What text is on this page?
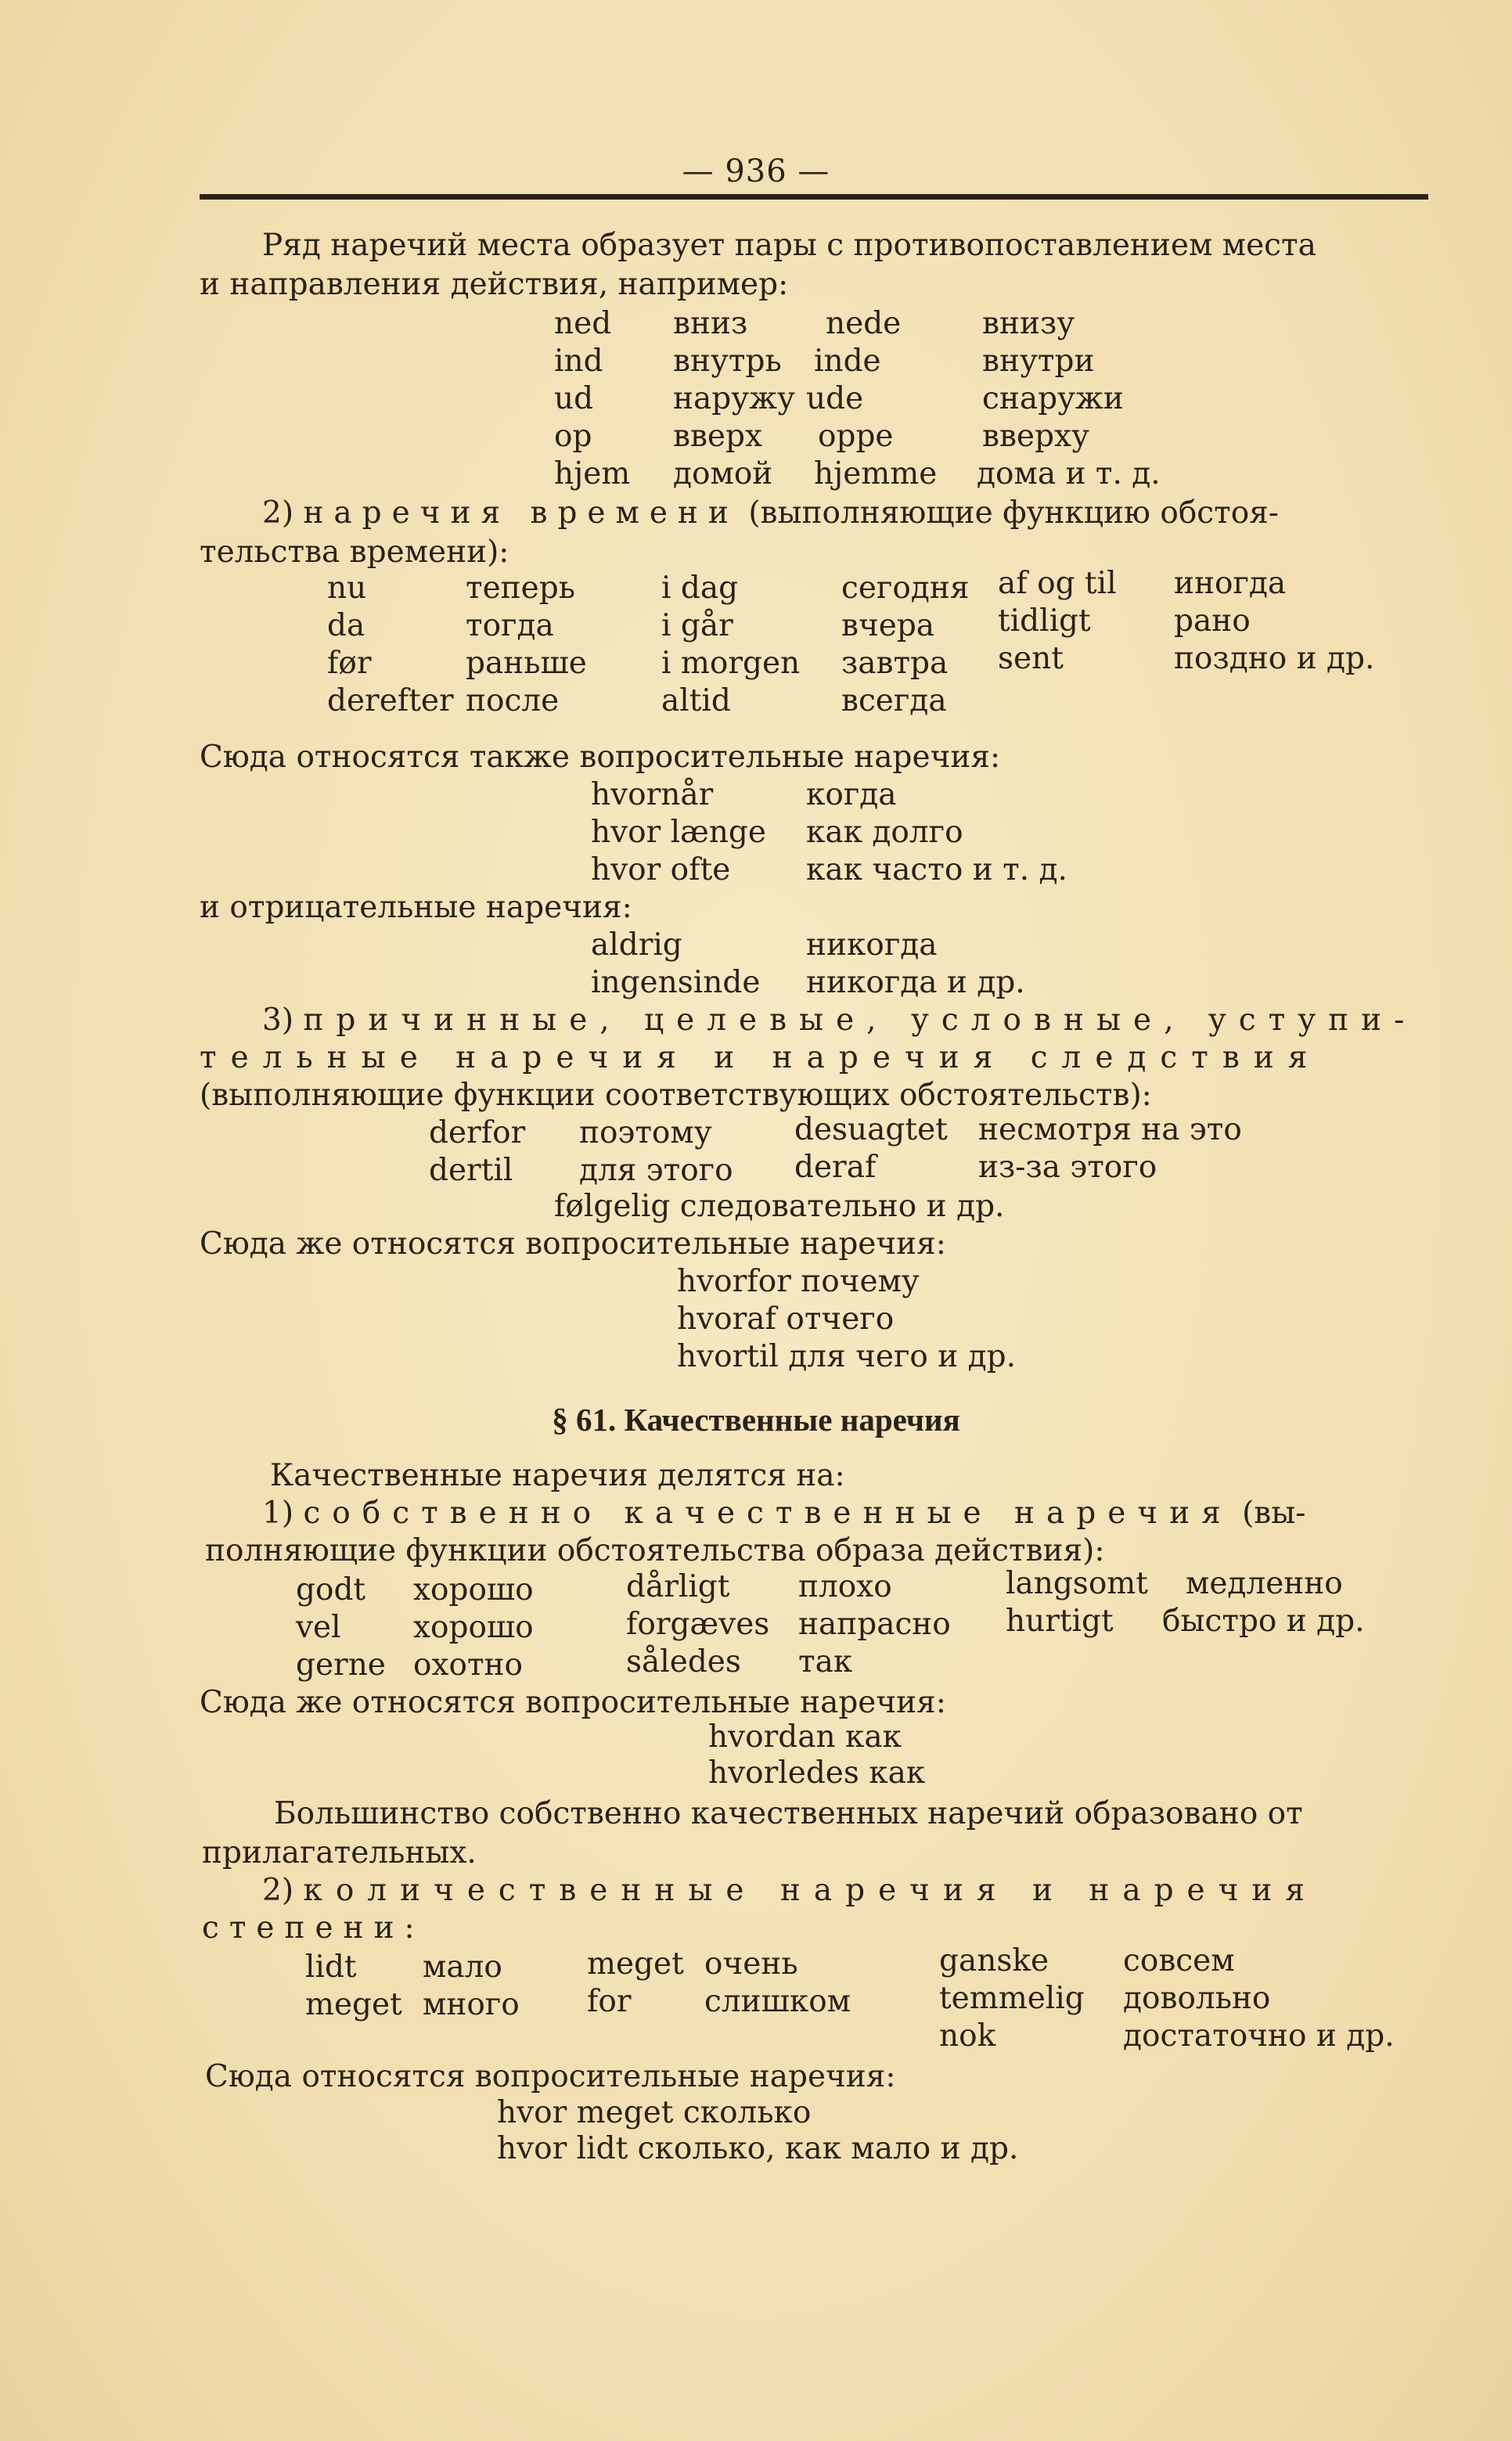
— 936 —
Ряд наречий места образует пары с противопоставлением места
и направления действия, например:
ned вниз	nede	внизу
ind внутрь inde	внутри
ud	наружу ude	снаружи
op	вверх oppe	вверху
hjem домой hjemme дома и т. д.
2) наречия времени (выполняющие функцию обстоя-
тельства времени):
nu	теперь	i dag	сегодня af og til иногда
da	тогда	i går	вчера tidligt	рано
før	раньше i morgen завтра sent	поздно и др.
derefter после	altid	всегда
Сюда относятся также вопросительные наречия:
hvornår	когда
hvor længe как долго
hvor ofte как часто и т. д.
и отрицательные наречия:
aldrig	никогда
ingensinde никогда и др.
3) причинные, целевые, условные, уступи-
тельные наречия и наречия следствия
(выполняющие функции соответствующих обстоятельств):
derfor поэтому	desuagtet несмотря на это
dertil для этого deraf	из-за этого
følgelig следовательно и др.
Сюда же относятся вопросительные наречия:
hvorfor почему
hvoraf отчего
hvortil для чего и др.
§ 61. Качественные наречия
Качественные наречия делятся на:
1) собственно качественные наречия (вы-
полняющие функции обстоятельства образа действия):
godt хорошо	dårligt плохо	langsomt медленно
vel хорошо	forgæves напрасно hurtigt быстро и др.
gerne охотно	således так
Сюда же относятся вопросительные наречия:
hvordan как
hvorledes как
Большинство собственно качественных наречий образовано от
прилагательных.
2) количественные наречия и наречия
степени:
lidt мало	meget очень	ganske совсем
meget много for слишком	temmelig довольно
nok	достаточно и др.
Сюда относятся вопросительные наречия:
hvor meget сколько
hvor lidt сколько, как мало и др.
